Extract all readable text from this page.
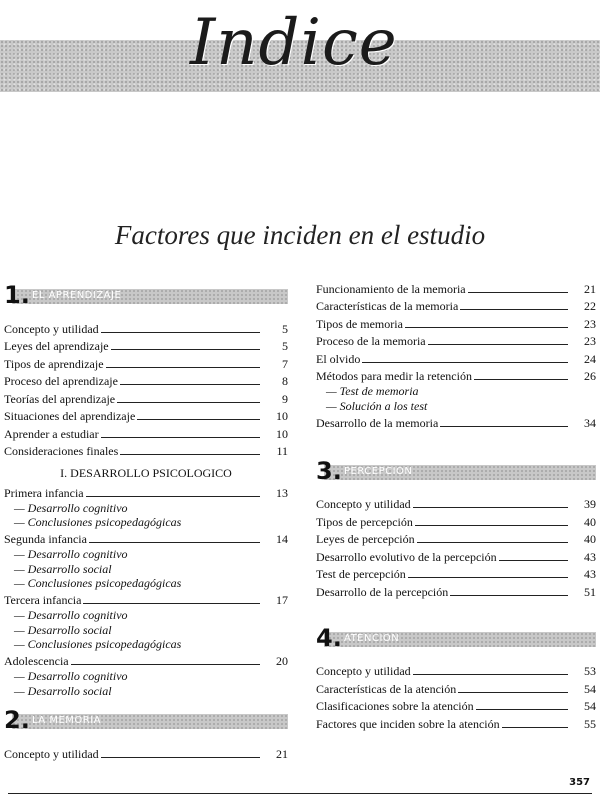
Indice
Factores que inciden en el estudio
1. EL APRENDIZAJE
Concepto y utilidad	5
Leyes del aprendizaje	5
Tipos de aprendizaje	7
Proceso del aprendizaje	8
Teorías del aprendizaje	9
Situaciones del aprendizaje	10
Aprender a estudiar	10
Consideraciones finales	11
I. DESARROLLO PSICOLOGICO
Primera infancia	13
— Desarrollo cognitivo
— Conclusiones psicopedagógicas
Segunda infancia	14
— Desarrollo cognitivo
— Desarrollo social
— Conclusiones psicopedagógicas
Tercera infancia	17
— Desarrollo cognitivo
— Desarrollo social
— Conclusiones psicopedagógicas
Adolescencia	20
— Desarrollo cognitivo
— Desarrollo social
2. LA MEMORIA
Concepto y utilidad	21
Funcionamiento de la memoria	21
Características de la memoria	22
Tipos de memoria	23
Proceso de la memoria	23
El olvido	24
Métodos para medir la retención	26
— Test de memoria
— Solución a los test
Desarrollo de la memoria	34
3. PERCEPCION
Concepto y utilidad	39
Tipos de percepción	40
Leyes de percepción	40
Desarrollo evolutivo de la percepción	43
Test de percepción	43
Desarrollo de la percepción	51
4. ATENCION
Concepto y utilidad	53
Características de la atención	54
Clasificaciones sobre la atención	54
Factores que inciden sobre la atención	55
357
